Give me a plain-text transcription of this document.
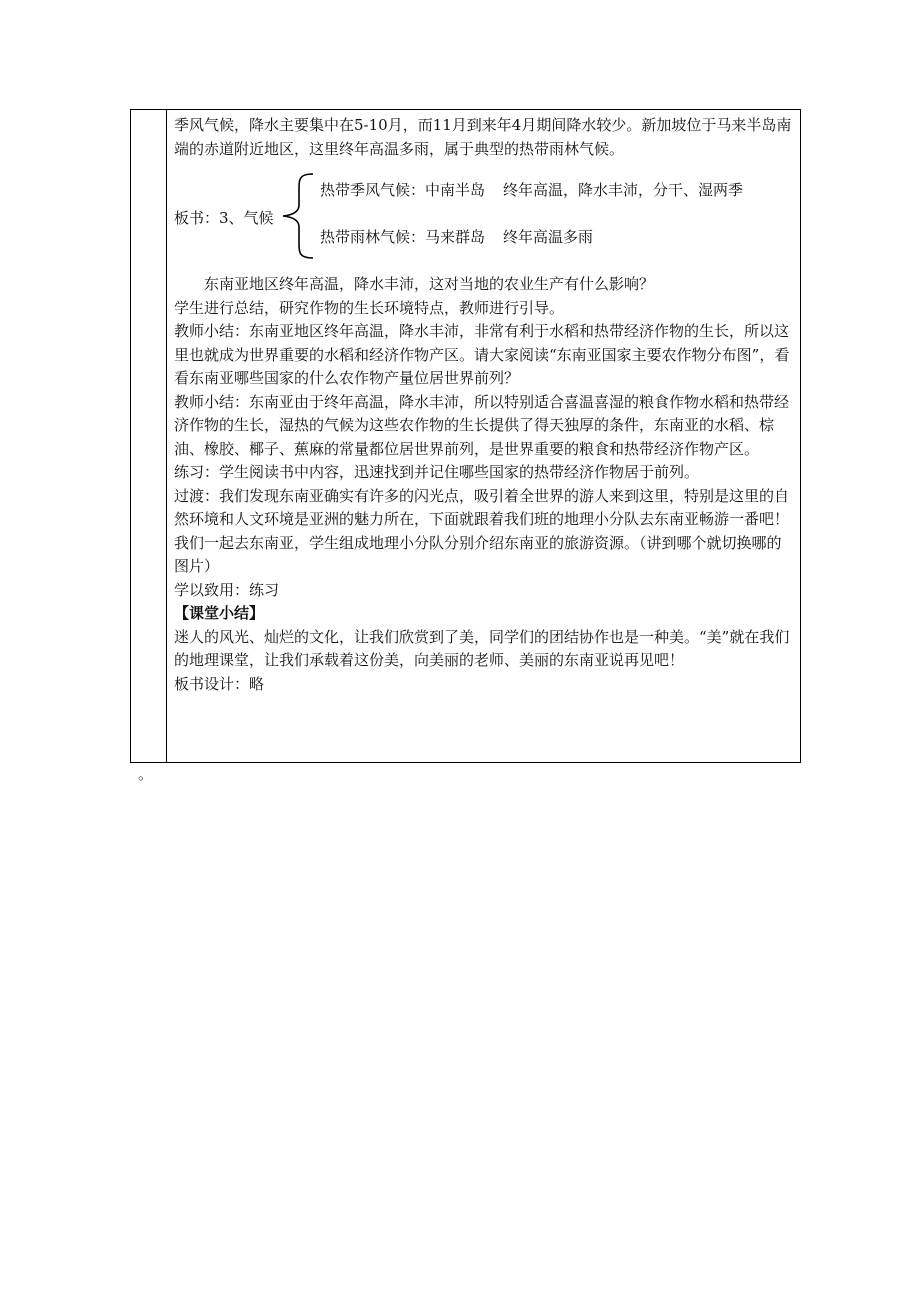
季风气候，降水主要集中在5-10月，而11月到来年4月期间降水较少。新加坡位于马来半岛南端的赤道附近地区，这里终年高温多雨，属于典型的热带雨林气候。

板书：3、气候
热带季风气候：中南半岛 终年高温，降水丰沛，分干、湿两季
热带雨林气候：马来群岛 终年高温多雨

东南亚地区终年高温，降水丰沛，这对当地的农业生产有什么影响？

学生进行总结，研究作物的生长环境特点，教师进行引导。

教师小结：东南亚地区终年高温，降水丰沛，非常有利于水稻和热带经济作物的生长，所以这里也就成为世界重要的水稻和经济作物产区。请大家阅读“东南亚国家主要农作物分布图”，看看东南亚哪些国家的什么农作物产量位居世界前列？

教师小结：东南亚由于终年高温，降水丰沛，所以特别适合喜温喜湿的粮食作物水稻和热带经济作物的生长，湿热的气候为这些农作物的生长提供了得天独厚的条件，东南亚的水稻、棕油、橡胶、椰子、蕉麻的常量都位居世界前列，是世界重要的粮食和热带经济作物产区。

练习：学生阅读书中内容，迅速找到并记住哪些国家的热带经济作物居于前列。

过渡：我们发现东南亚确实有许多的闪光点，吸引着全世界的游人来到这里，特别是这里的自然环境和人文环境是亚洲的魅力所在，下面就跟着我们班的地理小分队去东南亚畅游一番吧！

我们一起去东南亚，学生组成地理小分队分别介绍东南亚的旅游资源。（讲到哪个就切换哪的图片）

学以致用：练习

【课堂小结】

迷人的风光、灿烂的文化，让我们欣赏到了美，同学们的团结协作也是一种美。“美”就在我们的地理课堂，让我们承载着这份美，向美丽的老师、美丽的东南亚说再见吧！

板书设计：略

。
